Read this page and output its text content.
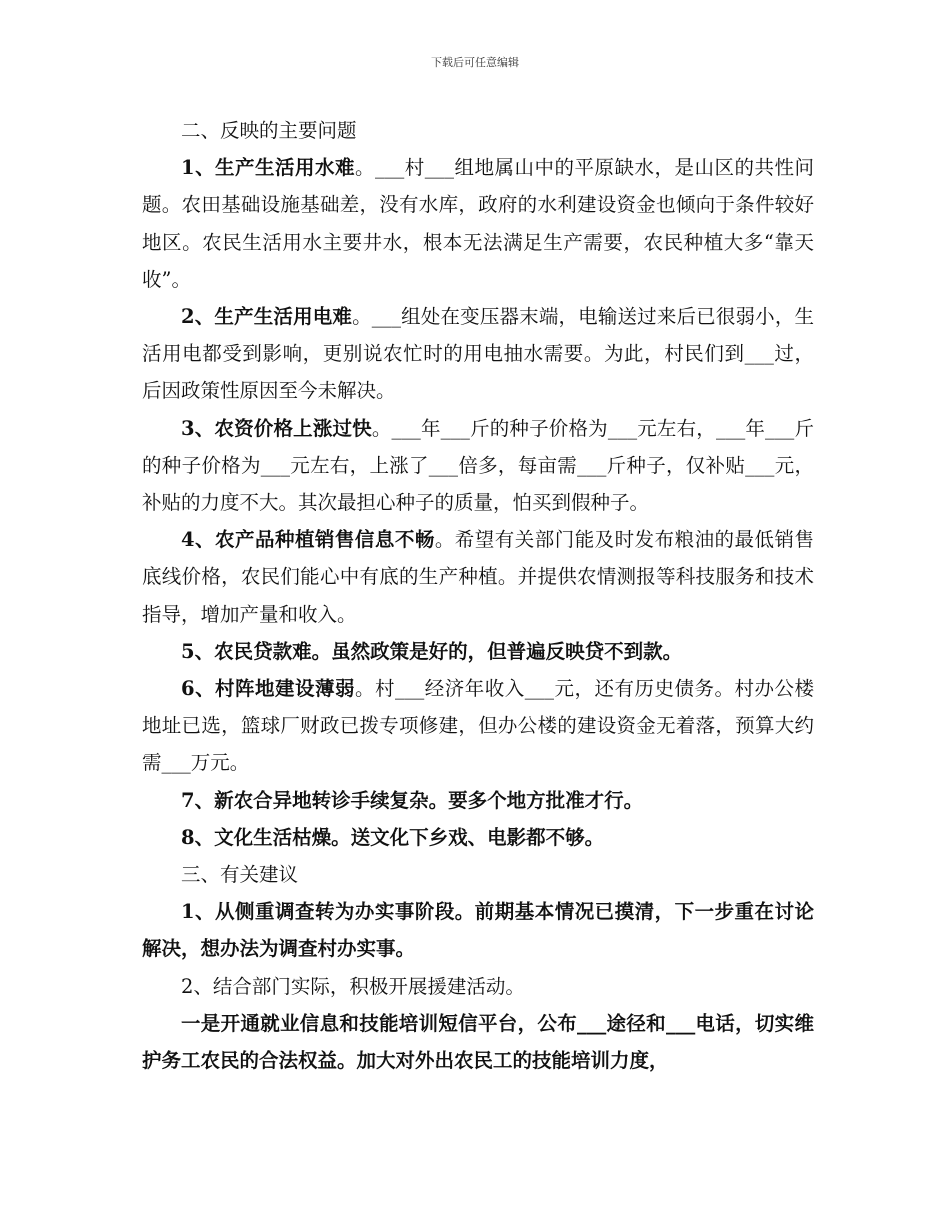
下载后可任意编辑

二、反映的主要问题

1、生产生活用水难。___村___组地属山中的平原缺水，是山区的共性问题。农田基础设施基础差，没有水库，政府的水利建设资金也倾向于条件较好地区。农民生活用水主要井水，根本无法满足生产需要，农民种植大多“靠天收”。

2、生产生活用电难。___组处在变压器末端，电输送过来后已很弱小，生活用电都受到影响，更别说农忙时的用电抽水需要。为此，村民们到___过，后因政策性原因至今未解决。

3、农资价格上涨过快。___年___斤的种子价格为___元左右，___年___斤的种子价格为___元左右，上涨了___倍多，每亩需___斤种子，仅补贴___元，补贴的力度不大。其次最担心种子的质量，怕买到假种子。

4、农产品种植销售信息不畅。希望有关部门能及时发布粮油的最低销售底线价格，农民们能心中有底的生产种植。并提供农情测报等科技服务和技术指导，增加产量和收入。

5、农民贷款难。虽然政策是好的，但普遍反映贷不到款。

6、村阵地建设薄弱。村___经济年收入___元，还有历史债务。村办公楼地址已选，篮球厂财政已拨专项修建，但办公楼的建设资金无着落，预算大约需___万元。

7、新农合异地转诊手续复杂。要多个地方批准才行。

8、文化生活枯燥。送文化下乡戏、电影都不够。

三、有关建议

1、从侧重调查转为办实事阶段。前期基本情况已摸清，下一步重在讨论解决，想办法为调查村办实事。

2、结合部门实际，积极开展援建活动。

一是开通就业信息和技能培训短信平台，公布___途径和___电话，切实维护务工农民的合法权益。加大对外出农民工的技能培训力度，
